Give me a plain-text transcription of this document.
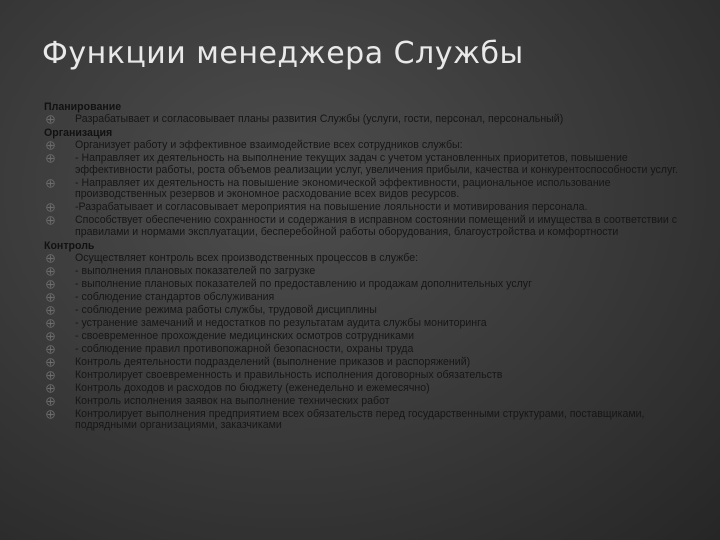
Функции менеджера Службы
Планирование
Разрабатывает и согласовывает планы развития Службы (услуги, гости, персонал, персональный)
Организация
Организует работу и эффективное взаимодействие всех сотрудников службы:
- Направляет их деятельность на выполнение текущих задач с учетом установленных приоритетов, повышение эффективности работы, роста объемов реализации услуг, увеличения прибыли, качества и конкурентоспособности услуг.
- Направляет их деятельность на повышение экономической эффективности, рациональное использование производственных резервов и экономное расходование всех видов ресурсов.
-Разрабатывает и согласовывает мероприятия на повышение лояльности и мотивирования персонала.
Способствует обеспечению сохранности и содержания в исправном состоянии помещений и имущества в соответствии с правилами и нормами эксплуатации, бесперебойной работы оборудования, благоустройства и комфортности
Контроль
Осуществляет контроль всех производственных процессов в службе:
- выполнения плановых показателей по загрузке
- выполнение плановых показателей по предоставлению и продажам дополнительных услуг
- соблюдение стандартов обслуживания
- соблюдение режима работы службы, трудовой дисциплины
- устранение замечаний и недостатков по результатам аудита службы мониторинга
- своевременное прохождение медицинских осмотров сотрудниками
- соблюдение правил противопожарной безопасности, охраны труда
Контроль деятельности подразделений (выполнение приказов и распоряжений)
Контролирует своевременность и правильность исполнения договорных обязательств
Контроль доходов и расходов по бюджету (еженедельно и ежемесячно)
Контроль исполнения заявок на выполнение технических работ
Контролирует выполнения предприятием всех обязательств перед государственными структурами, поставщиками, подрядными организациями, заказчиками
